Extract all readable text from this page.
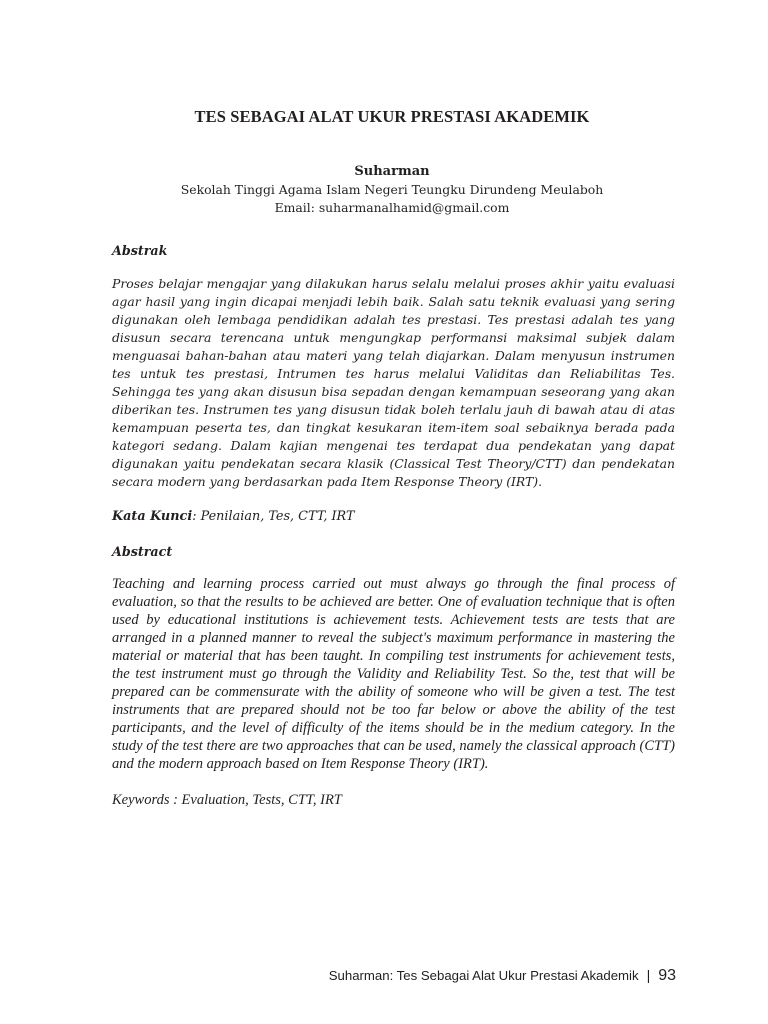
TES SEBAGAI ALAT UKUR PRESTASI AKADEMIK
Suharman
Sekolah Tinggi Agama Islam Negeri Teungku Dirundeng Meulaboh
Email: suharmanalhamid@gmail.com

Abstrak

Proses belajar mengajar yang dilakukan harus selalu melalui proses akhir yaitu evaluasi agar hasil yang ingin dicapai menjadi lebih baik. Salah satu teknik evaluasi yang sering digunakan oleh lembaga pendidikan adalah tes prestasi. Tes prestasi adalah tes yang disusun secara terencana untuk mengungkap performansi maksimal subjek dalam menguasai bahan-bahan atau materi yang telah diajarkan. Dalam menyusun instrumen tes untuk tes prestasi, Intrumen tes harus melalui Validitas dan Reliabilitas Tes. Sehingga tes yang akan disusun bisa sepadan dengan kemampuan seseorang yang akan diberikan tes. Instrumen tes yang disusun tidak boleh terlalu jauh di bawah atau di atas kemampuan peserta tes, dan tingkat kesukaran item-item soal sebaiknya berada pada kategori sedang. Dalam kajian mengenai tes terdapat dua pendekatan yang dapat digunakan yaitu pendekatan secara klasik (Classical Test Theory/CTT) dan pendekatan secara modern yang berdasarkan pada Item Response Theory (IRT).

Kata Kunci: Penilaian, Tes, CTT, IRT

Abstract

Teaching and learning process carried out must always go through the final process of evaluation, so that the results to be achieved are better. One of evaluation technique that is often used by educational institutions is achievement tests. Achievement tests are tests that are arranged in a planned manner to reveal the subject's maximum performance in mastering the material or material that has been taught. In compiling test instruments for achievement tests, the test instrument must go through the Validity and Reliability Test. So the, test that will be prepared can be commensurate with the ability of someone who will be given a test. The test instruments that are prepared should not be too far below or above the ability of the test participants, and the level of difficulty of the items should be in the medium category. In the study of the test there are two approaches that can be used, namely the classical approach (CTT) and the modern approach based on Item Response Theory (IRT).

Keywords : Evaluation, Tests, CTT, IRT

Suharman: Tes Sebagai Alat Ukur Prestasi Akademik | 93
